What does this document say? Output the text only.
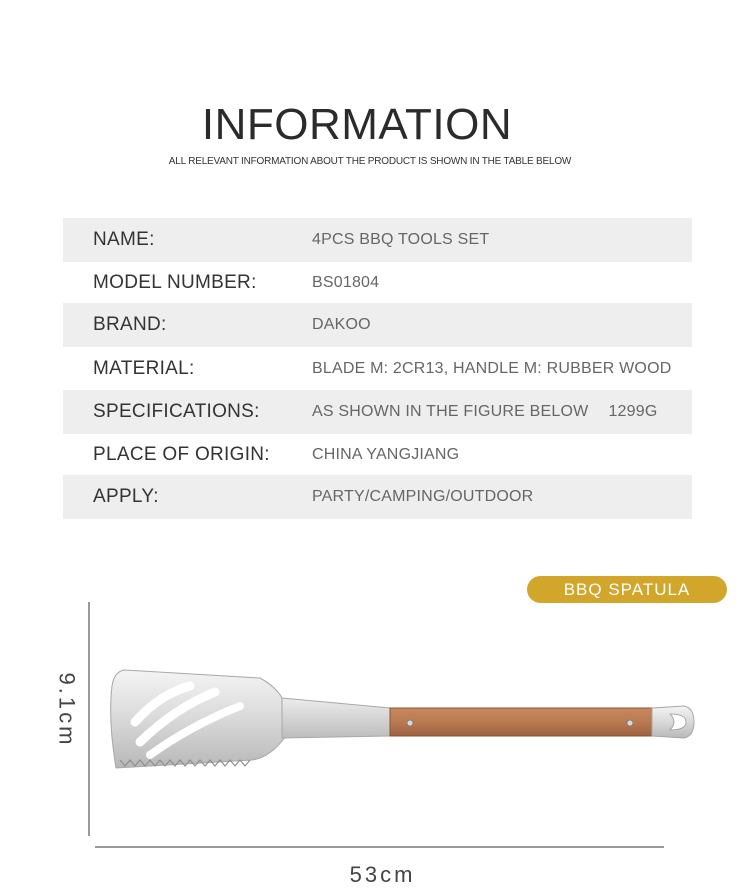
INFORMATION
ALL RELEVANT INFORMATION ABOUT THE PRODUCT IS SHOWN IN THE TABLE BELOW
NAME:	4PCS BBQ TOOLS SET
MODEL NUMBER:	BS01804
BRAND:	DAKOO
MATERIAL:	BLADE M: 2CR13, HANDLE M: RUBBER WOOD
SPECIFICATIONS:	AS SHOWN IN THE FIGURE BELOW 1299G
PLACE OF ORIGIN:	CHINA YANGJIANG
APPLY:	PARTY/CAMPING/OUTDOOR
BBQ SPATULA
9.1cm
53cm
